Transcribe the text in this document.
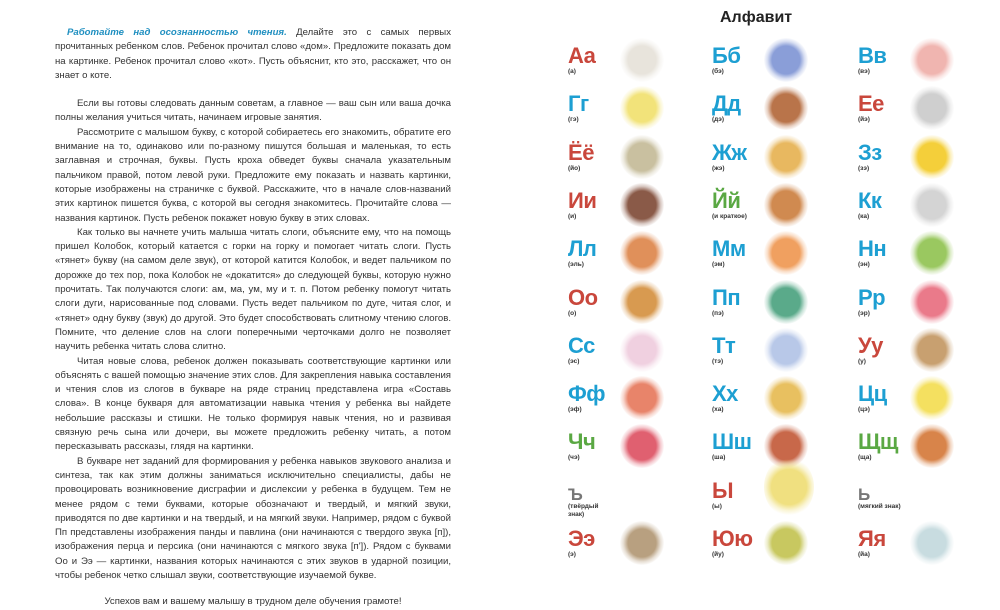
Работайте над осознанностью чтения. Делайте это с самых первых прочитанных ребенком слов. Ребенок прочитал слово «дом». Предложите показать дом на картинке. Ребенок прочитал слово «кот». Пусть объяснит, кто это, расскажет, что он знает о коте.

Если вы готовы следовать данным советам, а главное — ваш сын или ваша дочка полны желания учиться читать, начинаем игровые занятия.

Рассмотрите с малышом букву, с которой собираетесь его знакомить, обратите его внимание на то, одинаково или по-разному пишутся большая и маленькая, то есть заглавная и строчная, буквы. Пусть кроха обведет буквы сначала указательным пальчиком правой, потом левой руки. Предложите ему показать и назвать картинки, которые изображены на страничке с буквой. Расскажите, что в начале слов-названий этих картинок пишется буква, с которой вы сегодня знакомитесь. Прочитайте слова — названия картинок. Пусть ребенок покажет новую букву в этих словах.

Как только вы начнете учить малыша читать слоги, объясните ему, что на помощь пришел Колобок, который катается с горки на горку и помогает читать слоги. Пусть «тянет» букву (на самом деле звук), от которой катится Колобок, и ведет пальчиком по дорожке до тех пор, пока Колобок не «докатится» до следующей буквы, которую нужно прочитать. Так получаются слоги: ам, ма, ум, му и т. п. Потом ребенку помогут читать слоги дуги, нарисованные под словами. Пусть ведет пальчиком по дуге, читая слог, и «тянет» одну букву (звук) до другой. Это будет способствовать слитному чтению слогов. Помните, что деление слов на слоги поперечными черточками долго не позволяет научить ребенка читать слова слитно.

Читая новые слова, ребенок должен показывать соответствующие картинки или объяснять с вашей помощью значение этих слов. Для закрепления навыка составления и чтения слов из слогов в букваре на ряде страниц представлена игра «Составь слова». В конце букваря для автоматизации навыка чтения у ребенка вы найдете небольшие рассказы и стишки. Не только формируя навык чтения, но и развивая связную речь сына или дочери, вы можете предложить ребенку читать, а потом пересказывать рассказы, глядя на картинки.

В букваре нет заданий для формирования у ребенка навыков звукового анализа и синтеза, так как этим должны заниматься исключительно специалисты, дабы не провоцировать возникновение дисграфии и дислексии у ребенка в будущем. Тем не менее рядом с теми буквами, которые обозначают и твердый, и мягкий звуки, приводятся по две картинки и на твердый, и на мягкий звуки. Например, рядом с буквой Пп представлены изображения панды и павлина (они начинаются с твердого звука [п]), изображения перца и персика (они начинаются с мягкого звука [п']). Рядом с буквами Оо и Ээ — картинки, названия которых начинаются с этих звуков в ударной позиции, чтобы ребенок четко слышал звуки, соответствующие изучаемой букве.

Успехов вам и вашему малышу в трудном деле обучения грамоте!

Алфавит
Аа
(а)
Бб
(бэ)
Вв
(вэ)
Гг
(гэ)
Дд
(дэ)
Ее
(йэ)
Ёё
(йо)
Жж
(жэ)
Зз
(зэ)
Ии
(и)
Йй
(и краткое)
Кк
(ка)
Лл
(эль)
Мм
(эм)
Нн
(эн)
Оо
(о)
Пп
(пэ)
Рр
(эр)
Сс
(эс)
Тт
(тэ)
Уу
(у)
Фф
(эф)
Хх
(ха)
Цц
(цэ)
Чч
(чэ)
Шш
(ша)
Щщ
(ща)
Ъ
(твёрдый знак)
Ы
(ы)
Ь
(мягкий знак)
Ээ
(э)
Юю
(йу)
Яя
(йа)
